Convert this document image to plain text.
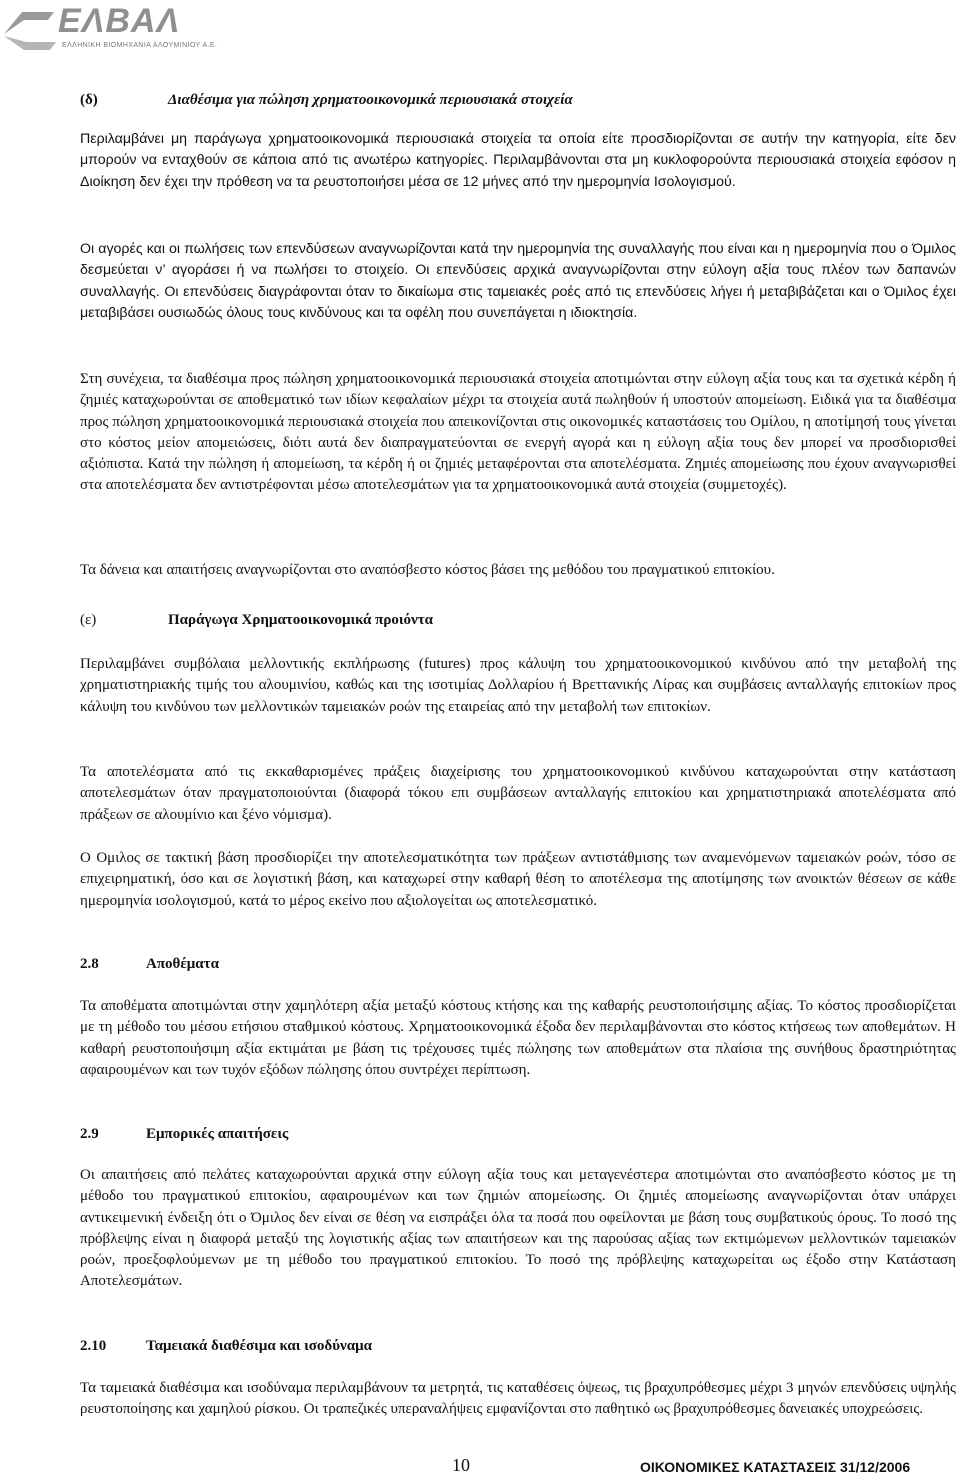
ΕΛΒΑΛ
ΕΛΛΗΝΙΚΗ ΒΙΟΜΗΧΑΝΙΑ ΑΛΟΥΜΙΝΙΟΥ Α.Ε.
(δ)	Διαθέσιμα για πώληση χρηματοοικονομικά περιουσιακά στοιχεία

Περιλαμβάνει μη παράγωγα χρηματοοικονομικά περιουσιακά στοιχεία τα οποία είτε προσδιορίζονται σε αυτήν την κατηγορία, είτε δεν μπορούν να ενταχθούν σε κάποια από τις ανωτέρω κατηγορίες. Περιλαμβάνονται στα μη κυκλοφορούντα περιουσιακά στοιχεία εφόσον η Διοίκηση δεν έχει την πρόθεση να τα ρευστοποιήσει μέσα σε 12 μήνες από την ημερομηνία Ισολογισμού.

Οι αγορές και οι πωλήσεις των επενδύσεων αναγνωρίζονται κατά την ημερομηνία της συναλλαγής που είναι και η ημερομηνία που ο Όμιλος δεσμεύεται ν’ αγοράσει ή να πωλήσει το στοιχείο. Οι επενδύσεις αρχικά αναγνωρίζονται στην εύλογη αξία τους πλέον των δαπανών συναλλαγής. Οι επενδύσεις διαγράφονται όταν το δικαίωμα στις ταμειακές ροές από τις επενδύσεις λήγει ή μεταβιβάζεται και ο Όμιλος έχει μεταβιβάσει ουσιωδώς όλους τους κινδύνους και τα οφέλη που συνεπάγεται η ιδιοκτησία.

Στη συνέχεια, τα διαθέσιμα προς πώληση χρηματοοικονομικά περιουσιακά στοιχεία αποτιμώνται στην εύλογη αξία τους και τα σχετικά κέρδη ή ζημιές καταχωρούνται σε αποθεματικό των ιδίων κεφαλαίων μέχρι τα στοιχεία αυτά πωληθούν ή υποστούν απομείωση. Ειδικά για τα διαθέσιμα προς πώληση χρηματοοικονομικά περιουσιακά στοιχεία που απεικονίζονται στις οικονομικές καταστάσεις του Ομίλου, η αποτίμησή τους γίνεται στο κόστος μείον απομειώσεις, διότι αυτά δεν διαπραγματεύονται σε ενεργή αγορά και η εύλογη αξία τους δεν μπορεί να προσδιορισθεί αξιόπιστα. Κατά την πώληση ή απομείωση, τα κέρδη ή οι ζημιές μεταφέρονται στα αποτελέσματα. Ζημιές απομείωσης που έχουν αναγνωρισθεί στα αποτελέσματα δεν αντιστρέφονται μέσω αποτελεσμάτων για τα χρηματοοικονομικά αυτά στοιχεία (συμμετοχές).

Τα δάνεια και απαιτήσεις αναγνωρίζονται στο αναπόσβεστο κόστος βάσει της μεθόδου του πραγματικού επιτοκίου.

(ε)	Παράγωγα Χρηματοοικονομικά προιόντα

Περιλαμβάνει συμβόλαια μελλοντικής εκπλήρωσης (futures) προς κάλυψη του χρηματοοικονομικού κινδύνου από την μεταβολή της χρηματιστηριακής τιμής του αλουμινίου, καθώς και της ισοτιμίας Δολλαρίου ή Βρεττανικής Λίρας και συμβάσεις ανταλλαγής επιτοκίων προς κάλυψη του κινδύνου των μελλοντικών ταμειακών ροών της εταιρείας από την μεταβολή των επιτοκίων.

Τα αποτελέσματα από τις εκκαθαρισμένες πράξεις διαχείρισης του χρηματοοικονομικού κινδύνου καταχωρούνται στην κατάσταση αποτελεσμάτων όταν πραγματοποιούνται (διαφορά τόκου επι συμβάσεων ανταλλαγής επιτοκίου και χρηματιστηριακά αποτελέσματα από πράξεων σε αλουμίνιο και ξένο νόμισμα).

Ο Ομιλος σε τακτική βάση προσδιορίζει την αποτελεσματικότητα των πράξεων αντιστάθμισης των αναμενόμενων ταμειακών ροών, τόσο σε επιχειρηματική, όσο και σε λογιστική βάση, και καταχωρεί στην καθαρή θέση το αποτέλεσμα της αποτίμησης των ανοικτών θέσεων σε κάθε ημερομηνία ισολογισμού, κατά το μέρος εκείνο που αξιολογείται ως αποτελεσματικό.

2.8	Αποθέματα

Τα αποθέματα αποτιμώνται στην χαμηλότερη αξία μεταξύ κόστους κτήσης και της καθαρής ρευστοποιήσιμης αξίας. Το κόστος προσδιορίζεται με τη μέθοδο του μέσου ετήσιου σταθμικού κόστους. Χρηματοοικονομικά έξοδα δεν περιλαμβάνονται στο κόστος κτήσεως των αποθεμάτων. Η καθαρή ρευστοποιήσιμη αξία εκτιμάται με βάση τις τρέχουσες τιμές πώλησης των αποθεμάτων στα πλαίσια της συνήθους δραστηριότητας αφαιρουμένων και των τυχόν εξόδων πώλησης όπου συντρέχει περίπτωση.

2.9	Εμπορικές απαιτήσεις

Οι απαιτήσεις από πελάτες καταχωρούνται αρχικά στην εύλογη αξία τους και μεταγενέστερα αποτιμώνται στο αναπόσβεστο κόστος με τη μέθοδο του πραγματικού επιτοκίου, αφαιρουμένων και των ζημιών απομείωσης. Οι ζημιές απομείωσης αναγνωρίζονται όταν υπάρχει αντικειμενική ένδειξη ότι ο Όμιλος δεν είναι σε θέση να εισπράξει όλα τα ποσά που οφείλονται με βάση τους συμβατικούς όρους. Το ποσό της πρόβλεψης είναι η διαφορά μεταξύ της λογιστικής αξίας των απαιτήσεων και της παρούσας αξίας των εκτιμώμενων μελλοντικών ταμειακών ροών, προεξοφλούμενων με τη μέθοδο του πραγματικού επιτοκίου. Το ποσό της πρόβλεψης καταχωρείται ως έξοδο στην Κατάσταση Αποτελεσμάτων.

2.10	Ταμειακά διαθέσιμα και ισοδύναμα

Τα ταμειακά διαθέσιμα και ισοδύναμα περιλαμβάνουν τα μετρητά, τις καταθέσεις όψεως, τις βραχυπρόθεσμες μέχρι 3 μηνών επενδύσεις υψηλής ρευστοποίησης και χαμηλού ρίσκου. Οι τραπεζικές υπεραναλήψεις εμφανίζονται στο παθητικό ως βραχυπρόθεσμες δανειακές υποχρεώσεις.

10	ΟΙΚΟΝΟΜΙΚΕΣ ΚΑΤΑΣΤΑΣΕΙΣ 31/12/2006
